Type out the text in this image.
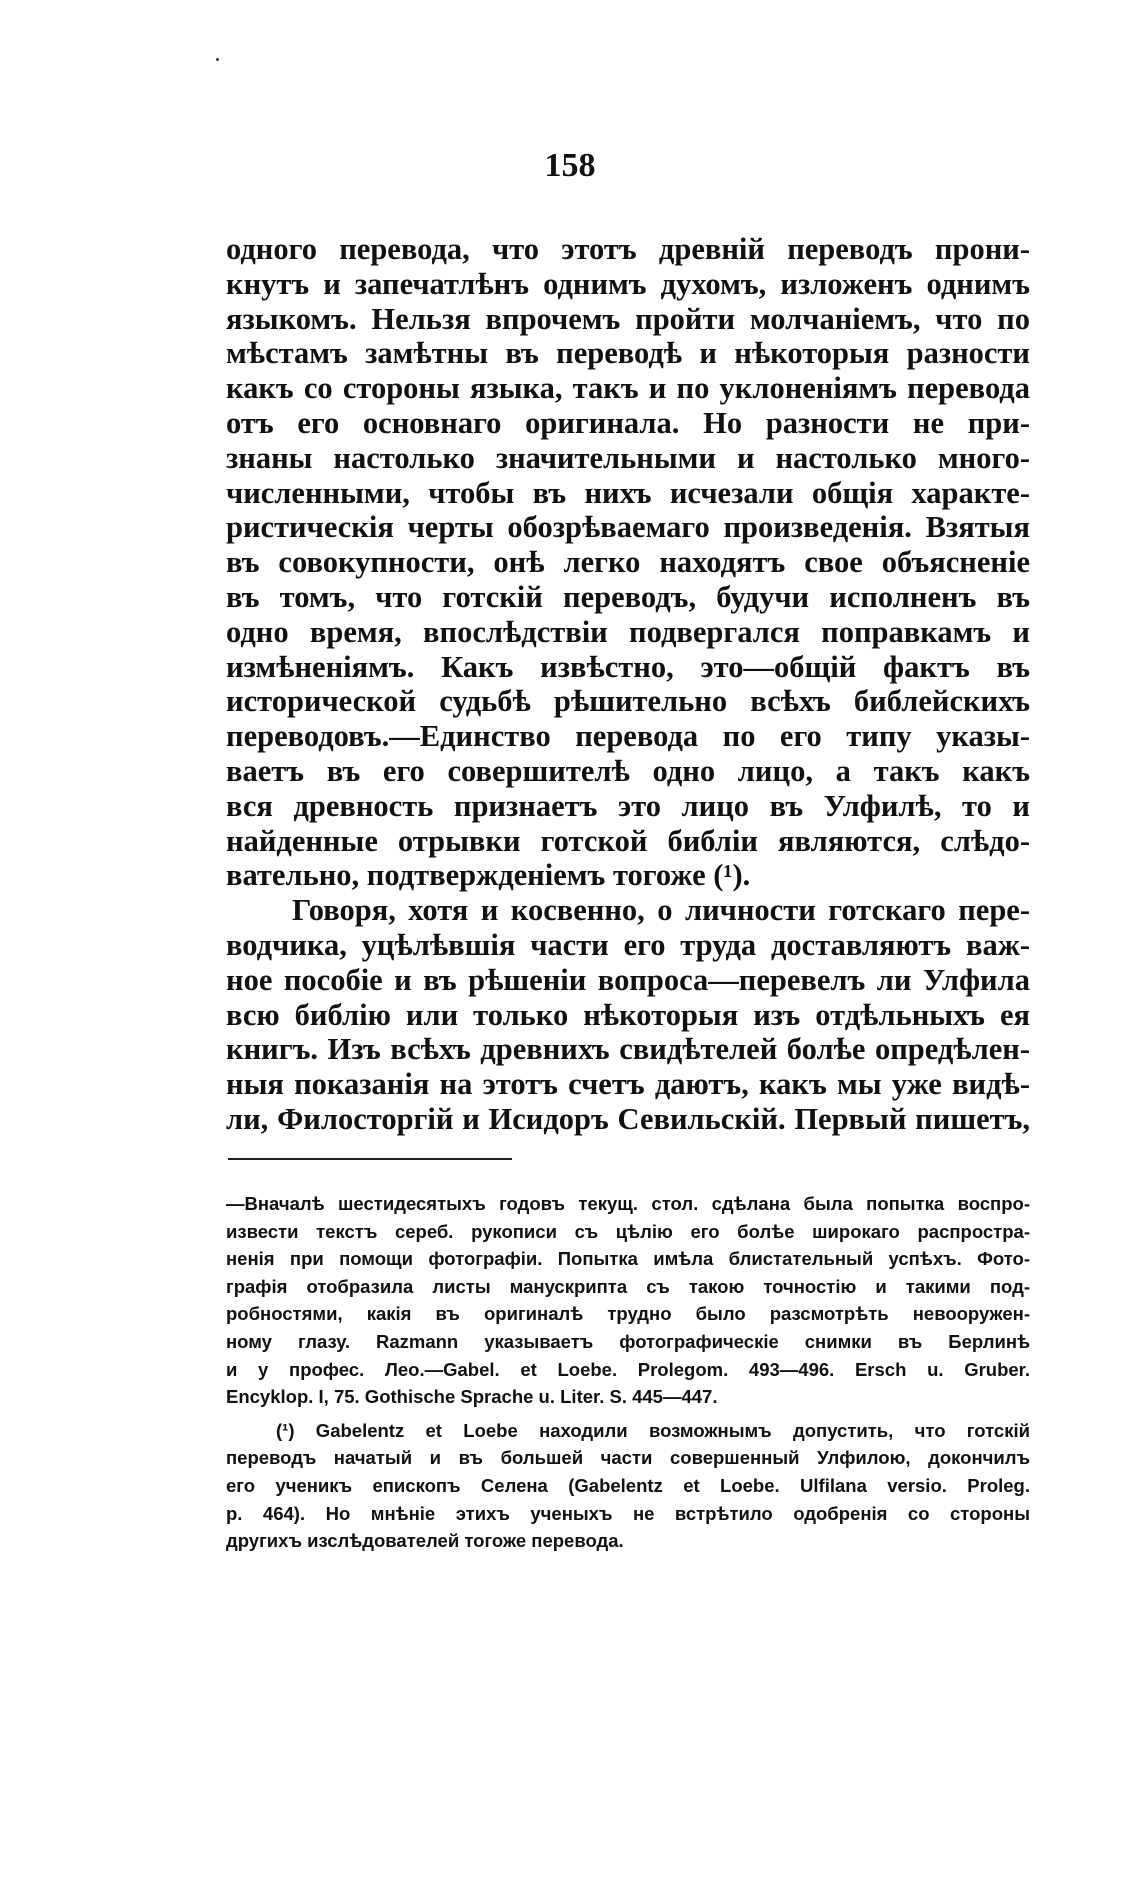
158
одного перевода, что этотъ древній переводъ прони-
кнутъ и запечатлѣнъ однимъ духомъ, изложенъ однимъ
языкомъ. Нельзя впрочемъ пройти молчаніемъ, что по
мѣстамъ замѣтны въ переводѣ и нѣкоторыя разности
какъ со стороны языка, такъ и по уклоненіямъ перевода
отъ его основнаго оригинала. Но разности не при-
знаны настолько значительными и настолько много-
численными, чтобы въ нихъ исчезали общія характе-
ристическія черты обозрѣваемаго произведенія. Взятыя
въ совокупности, онѣ легко находятъ свое объясненіе
въ томъ, что готскій переводъ, будучи исполненъ въ
одно время, впослѣдствіи подвергался поправкамъ и
измѣненіямъ. Какъ извѣстно, это—общій фактъ въ
исторической судьбѣ рѣшительно всѣхъ библейскихъ
переводовъ.—Единство перевода по его типу указы-
ваетъ въ его совершителѣ одно лицо, а такъ какъ
вся древность признаетъ это лицо въ Улфилѣ, то и
найденные отрывки готской библіи являются, слѣдо-
вательно, подтвержденіемъ тогоже (¹).
Говоря, хотя и косвенно, о личности готскаго пере-
водчика, уцѣлѣвшія части его труда доставляютъ важ-
ное пособіе и въ рѣшеніи вопроса—перевелъ ли Улфила
всю библію или только нѣкоторыя изъ отдѣльныхъ ея
книгъ. Изъ всѣхъ древнихъ свидѣтелей болѣе опредѣлен-
ныя показанія на этотъ счетъ даютъ, какъ мы уже видѣ-
ли, Филосторгій и Исидоръ Севильскій. Первый пишетъ,
—Вначалѣ шестидесятыхъ годовъ текущ. стол. сдѣлана была попытка воспро-
извести текстъ сереб. рукописи съ цѣлію его болѣе широкаго распростра-
ненія при помощи фотографіи. Попытка имѣла блистательный успѣхъ. Фото-
графія отобразила листы манускрипта съ такою точностію и такими под-
робностями, какія въ оригиналѣ трудно было разсмотрѣть невооружен-
ному глазу. Razmann указываетъ фотографическіе снимки въ Берлинѣ
и у профес. Лео.—Gabel. et Loebe. Prolegom. 493—496. Ersch u. Gruber.
Encyklop. I, 75. Gothische Sprache u. Liter. S. 445—447.
(¹) Gabelentz et Loebe находили возможнымъ допустить, что готскій
переводъ начатый и въ большей части совершенный Улфилою, докончилъ
его ученикъ епископъ Селена (Gabelentz et Loebe. Ulfilana versio. Proleg.
p. 464). Но мнѣніе этихъ ученыхъ не встрѣтило одобренія со стороны
другихъ изслѣдователей тогоже перевода.
